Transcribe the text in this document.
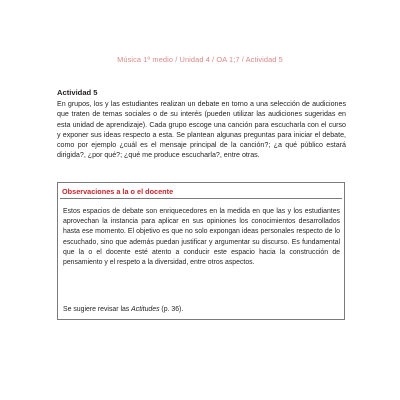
Música 1º medio / Unidad 4 / OA 1;7 / Actividad 5
Actividad 5
En grupos, los y las estudiantes realizan un debate en torno a una selección de audiciones que traten de temas sociales o de su interés (pueden utilizar las audiciones sugeridas en esta unidad de aprendizaje). Cada grupo escoge una canción para escucharla con el curso y exponer sus ideas respecto a esta. Se plantean algunas preguntas para iniciar el debate, como por ejemplo ¿cuál es el mensaje principal de la canción?; ¿a qué público estará dirigida?, ¿por qué?; ¿qué me produce escucharla?, entre otras.
Observaciones a la o el docente
Estos espacios de debate son enriquecedores en la medida en que las y los estudiantes aprovechan la instancia para aplicar en sus opiniones los conocimientos desarrollados hasta ese momento. El objetivo es que no solo expongan ideas personales respecto de lo escuchado, sino que además puedan justificar y argumentar su discurso. Es fundamental que la o el docente esté atento a conducir este espacio hacia la construcción de pensamiento y el respeto a la diversidad, entre otros aspectos.
Se sugiere revisar las Actitudes (p. 36).
